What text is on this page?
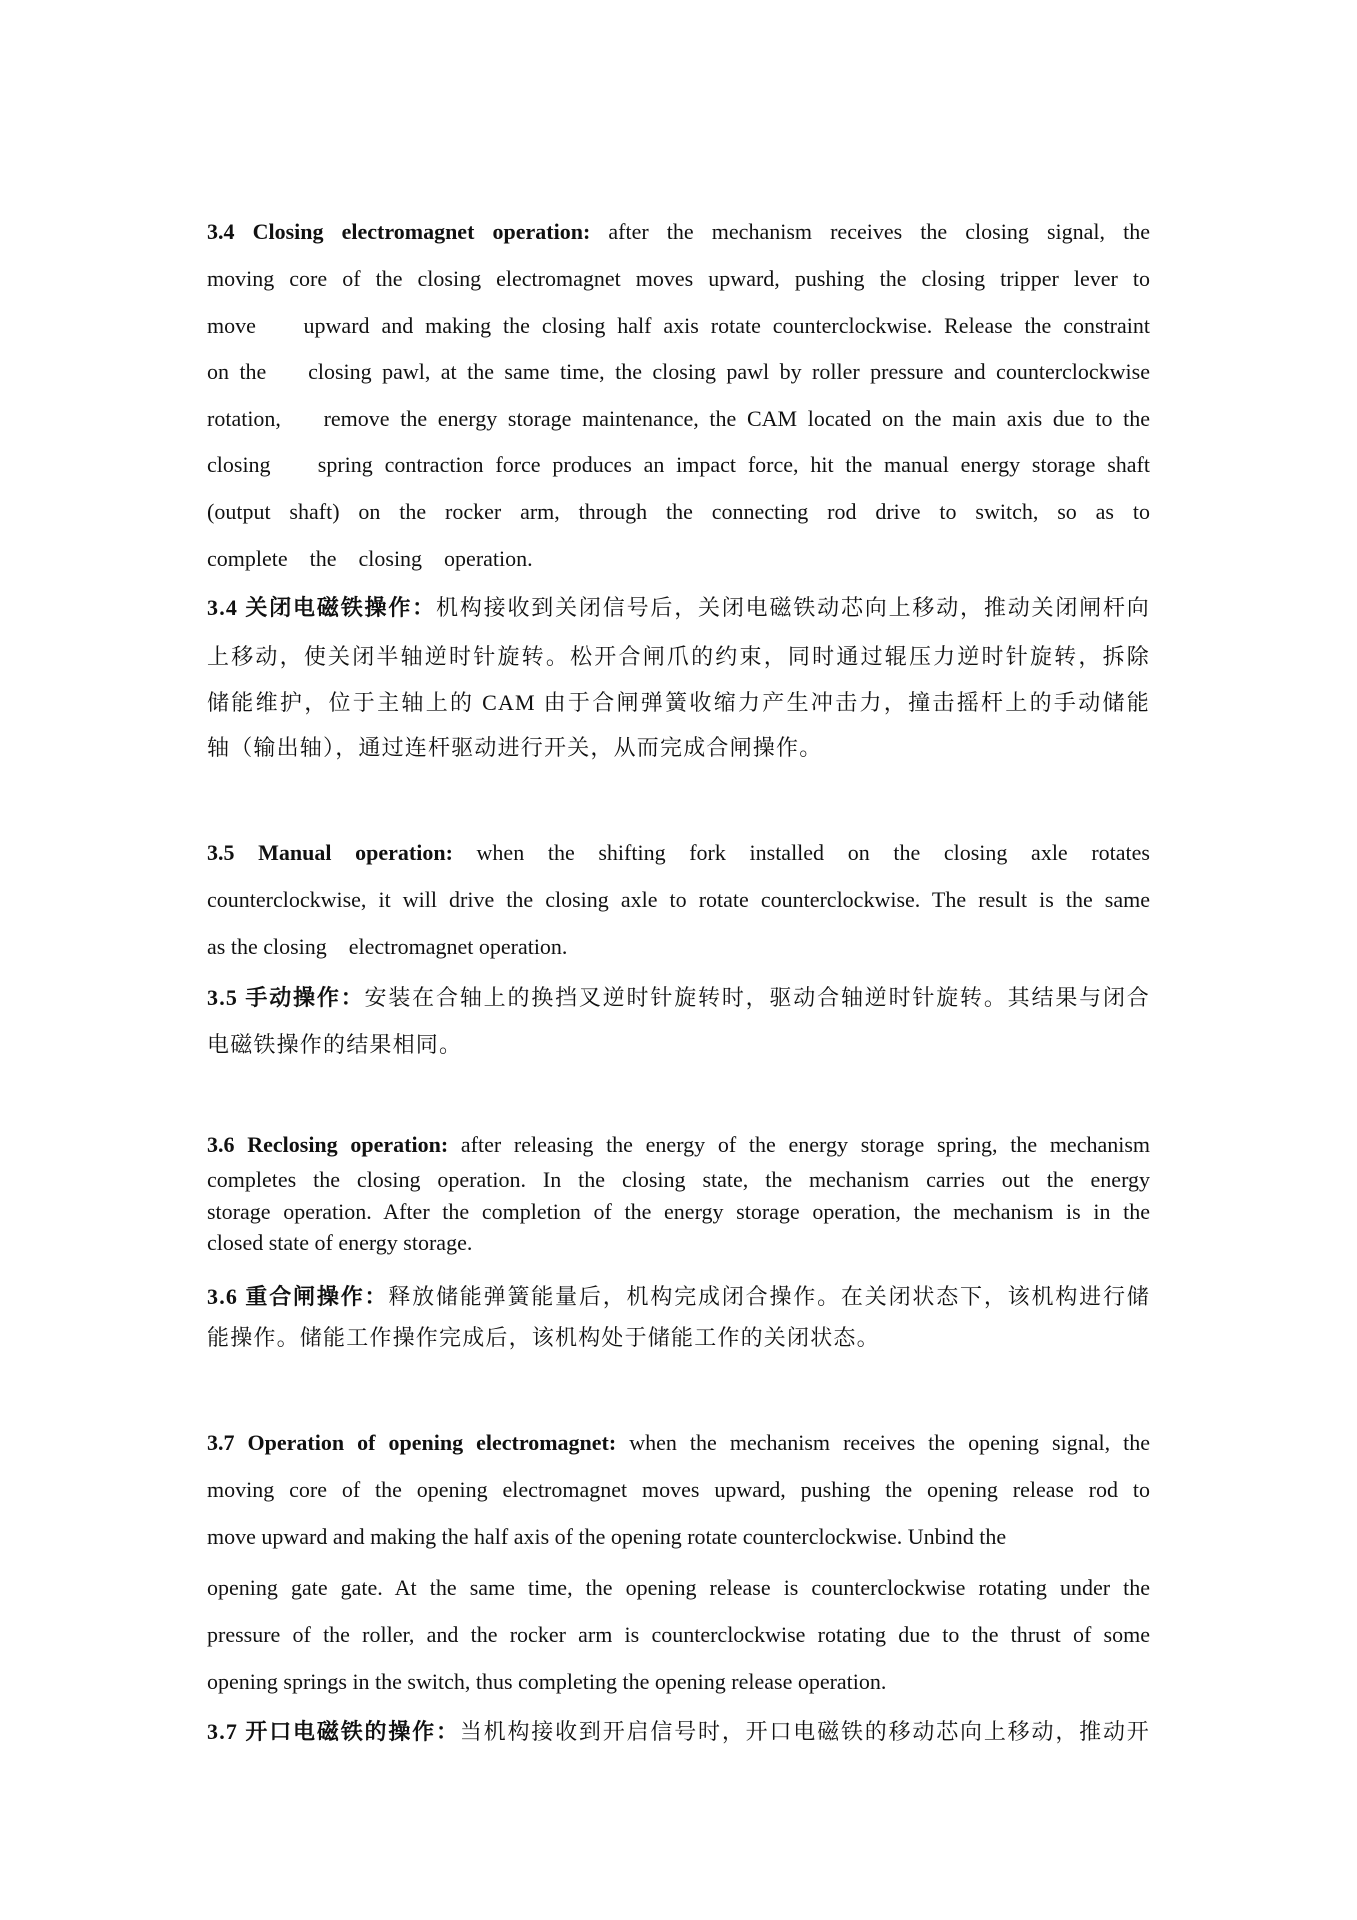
3.4 Closing electromagnet operation: after the mechanism receives the closing signal, the
moving core of the closing electromagnet moves upward, pushing the closing tripper lever to
move    upward and making the closing half axis rotate counterclockwise. Release the constraint
on the    closing pawl, at the same time, the closing pawl by roller pressure and counterclockwise
rotation,    remove the energy storage maintenance, the CAM located on the main axis due to the
closing    spring contraction force produces an impact force, hit the manual energy storage shaft
(output shaft) on the rocker arm, through the connecting rod drive to switch, so as to
complete    the    closing    operation.
3.4 关闭电磁铁操作：机构接收到关闭信号后，关闭电磁铁动芯向上移动，推动关闭闸杆向
上移动，使关闭半轴逆时针旋转。松开合闸爪的约束，同时通过辊压力逆时针旋转，拆除
储能维护，位于主轴上的 CAM 由于合闸弹簧收缩力产生冲击力，撞击摇杆上的手动储能
轴（输出轴），通过连杆驱动进行开关，从而完成合闸操作。
3.5 Manual operation: when the shifting fork installed on the closing axle rotates
counterclockwise, it will drive the closing axle to rotate counterclockwise. The result is the same
as the closing    electromagnet operation.
3.5 手动操作：安装在合轴上的换挡叉逆时针旋转时，驱动合轴逆时针旋转。其结果与闭合
电磁铁操作的结果相同。
3.6 Reclosing operation: after releasing the energy of the energy storage spring, the mechanism
completes the closing operation. In the closing state, the mechanism carries out the energy
storage operation. After the completion of the energy storage operation, the mechanism is in the
closed state of energy storage.
3.6 重合闸操作：释放储能弹簧能量后，机构完成闭合操作。在关闭状态下，该机构进行储
能操作。储能工作操作完成后，该机构处于储能工作的关闭状态。
3.7 Operation of opening electromagnet: when the mechanism receives the opening signal, the
moving core of the opening electromagnet moves upward, pushing the opening release rod to
move upward and making the half axis of the opening rotate counterclockwise. Unbind the
opening gate gate. At the same time, the opening release is counterclockwise rotating under the
pressure of the roller, and the rocker arm is counterclockwise rotating due to the thrust of some
opening springs in the switch, thus completing the opening release operation.
3.7 开口电磁铁的操作：当机构接收到开启信号时，开口电磁铁的移动芯向上移动，推动开
